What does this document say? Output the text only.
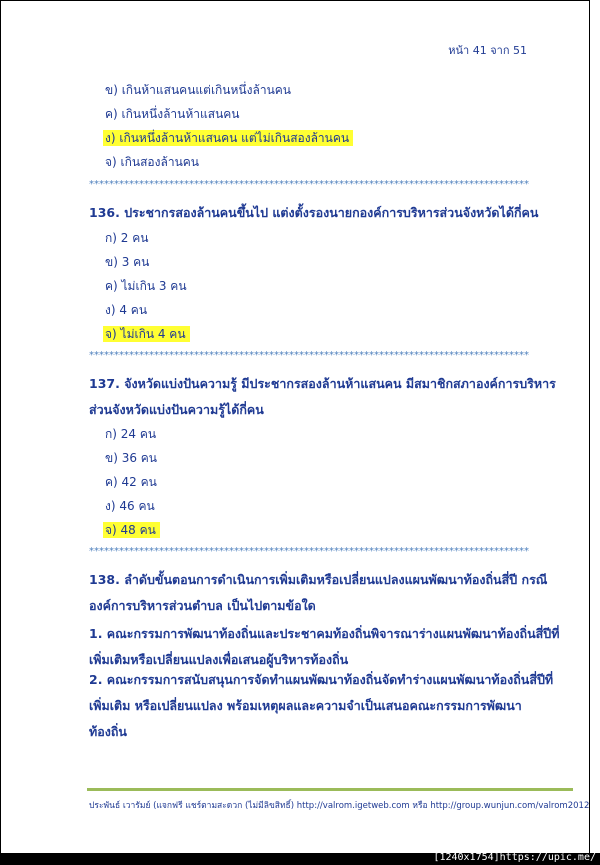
หน้า 41 จาก 51
ข) เกินห้าแสนคนแต่เกินหนึ่งล้านคน
ค) เกินหนึ่งล้านห้าแสนคน
ง) เกินหนึ่งล้านห้าแสนคน แต่ไม่เกินสองล้านคน
จ) เกินสองล้านคน
****************************************************************************************
136. ประชากรสองล้านคนขึ้นไป แต่งตั้งรองนายกองค์การบริหารส่วนจังหวัดได้กี่คน
ก) 2 คน
ข) 3 คน
ค) ไม่เกิน 3 คน
ง) 4 คน
จ) ไม่เกิน 4 คน
****************************************************************************************
137. จังหวัดแบ่งปันความรู้ มีประชากรสองล้านห้าแสนคน มีสมาชิกสภาองค์การบริหาร
ส่วนจังหวัดแบ่งปันความรู้ได้กี่คน
ก) 24 คน
ข) 36 คน
ค) 42 คน
ง) 46 คน
จ) 48 คน
****************************************************************************************
138. ลำดับขั้นตอนการดำเนินการเพิ่มเติมหรือเปลี่ยนแปลงแผนพัฒนาท้องถิ่นสี่ปี กรณี
องค์การบริหารส่วนตำบล เป็นไปตามข้อใด
1. คณะกรรมการพัฒนาท้องถิ่นและประชาคมท้องถิ่นพิจารณาร่างแผนพัฒนาท้องถิ่นสี่ปีที่
เพิ่มเติมหรือเปลี่ยนแปลงเพื่อเสนอผู้บริหารท้องถิ่น
2. คณะกรรมการสนับสนุนการจัดทำแผนพัฒนาท้องถิ่นจัดทำร่างแผนพัฒนาท้องถิ่นสี่ปีที่
เพิ่มเติม หรือเปลี่ยนแปลง พร้อมเหตุผลและความจำเป็นเสนอคณะกรรมการพัฒนา
ท้องถิ่น
ประพันธ์ เวารัมย์ (แจกฟรี แชร์ตามสะดวก (ไม่มีลิขสิทธิ์) http://valrom.igetweb.com หรือ http://group.wunjun.com/valrom2012
[1240x1754]https://upic.me/
